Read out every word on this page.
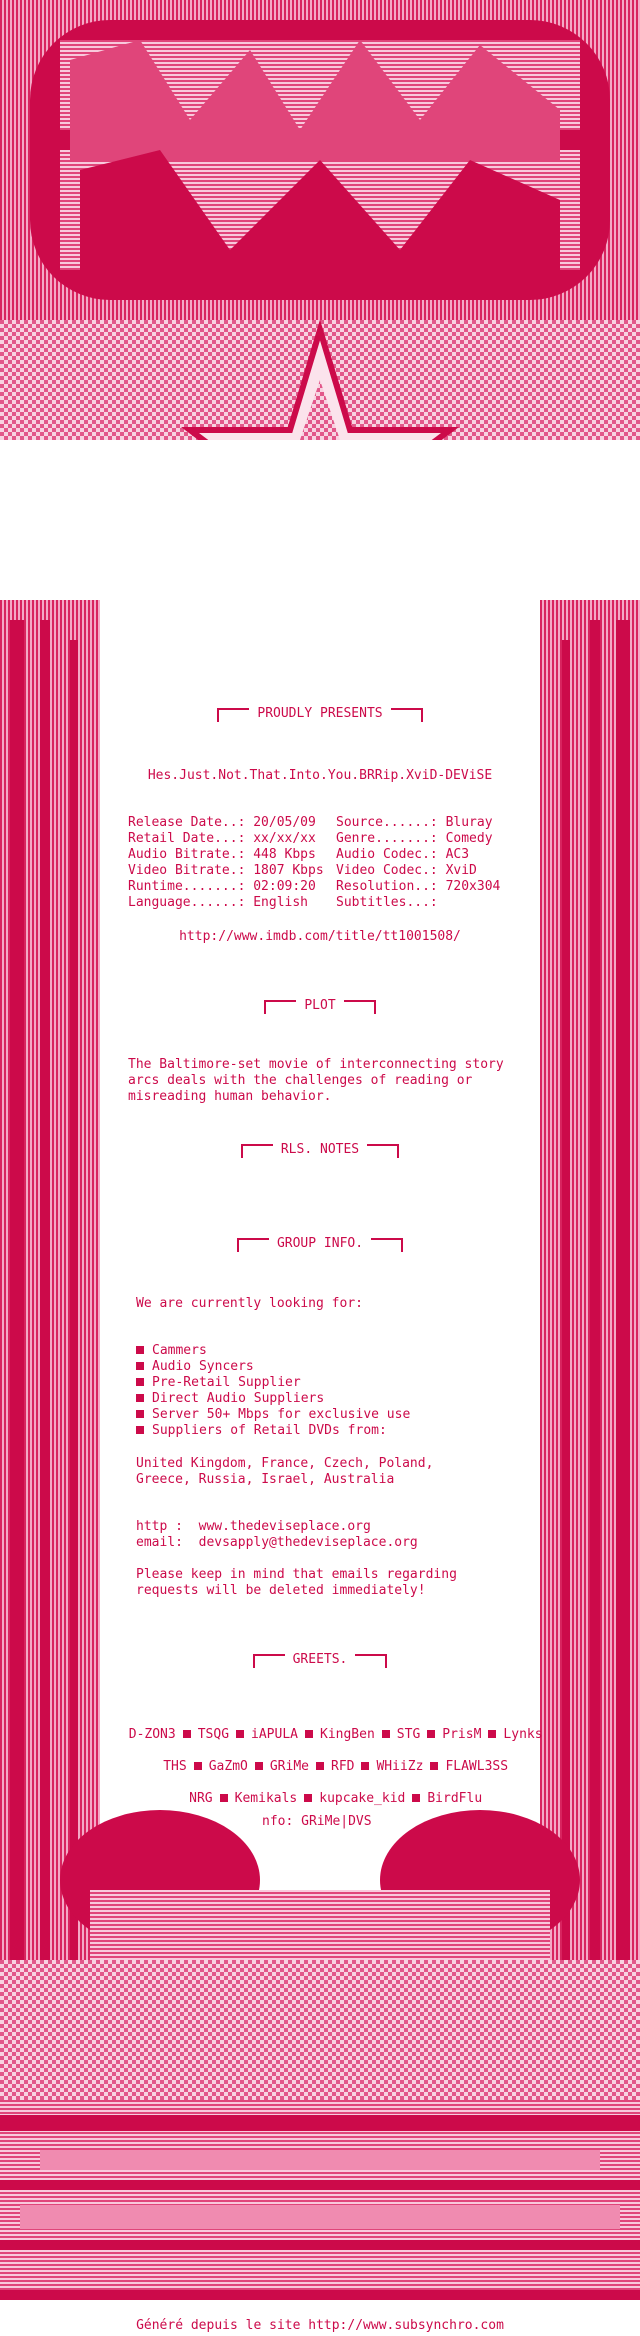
PROUDLY PRESENTS
Hes.Just.Not.That.Into.You.BRRip.XviD-DEViSE
Release Date..: 20/05/09
Retail Date...: xx/xx/xx
Audio Bitrate.: 448 Kbps
Video Bitrate.: 1807 Kbps
Runtime.......: 02:09:20
Language......: English
Source......: Bluray
Genre.......: Comedy
Audio Codec.: AC3
Video Codec.: XviD
Resolution..: 720x304
Subtitles...:
http://www.imdb.com/title/tt1001508/
PLOT
The Baltimore-set movie of interconnecting story
arcs deals with the challenges of reading or
misreading human behavior.
RLS. NOTES
GROUP INFO.
We are currently looking for:
Cammers
Audio Syncers
Pre-Retail Supplier
Direct Audio Suppliers
Server 50+ Mbps for exclusive use
Suppliers of Retail DVDs from:
United Kingdom, France, Czech, Poland,
Greece, Russia, Israel, Australia
http :  www.thedeviseplace.org
email:  devsapply@thedeviseplace.org
Please keep in mind that emails regarding
requests will be deleted immediately!
GREETS.

D-ZON3 TSQG iAPULA KingBen STG PrisM Lynks

THS GaZmO GRiMe RFD WHiiZz FLAWL3SS

NRG Kemikals kupcake_kid BirdFlu

nfo: GRiMe|DVS
Généré depuis le site http://www.subsynchro.com
